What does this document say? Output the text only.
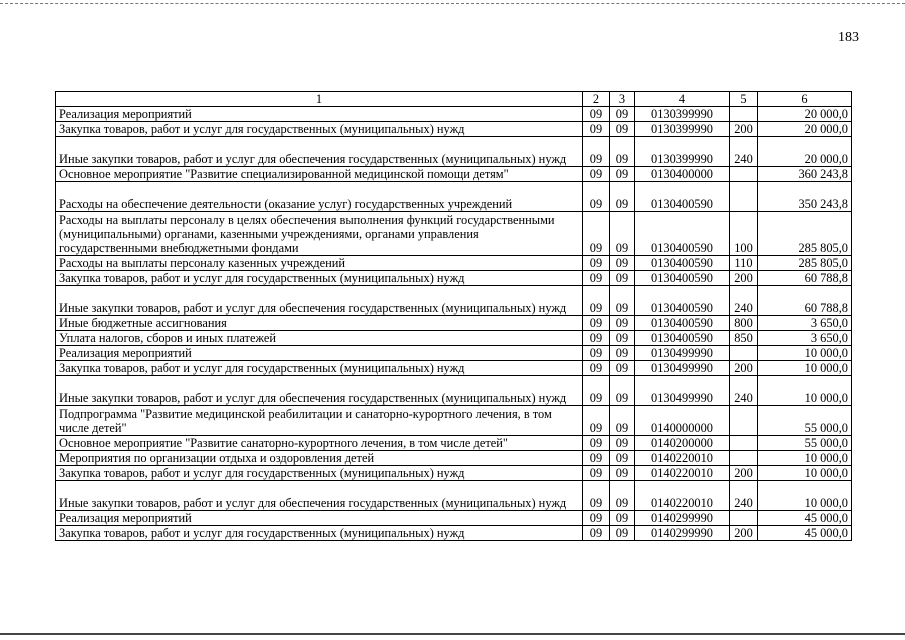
183
1	2	3	4	5	6
Реализация мероприятий	09	09	0130399990		20 000,0
Закупка товаров, работ и услуг для государственных (муниципальных) нужд	09	09	0130399990	200	20 000,0
Иные закупки товаров, работ и услуг для обеспечения государственных (муниципальных) нужд	09	09	0130399990	240	20 000,0
Основное мероприятие "Развитие специализированной медицинской помощи детям"	09	09	0130400000		360 243,8
Расходы на обеспечение деятельности (оказание услуг) государственных учреждений	09	09	0130400590		350 243,8
Расходы на выплаты персоналу в целях обеспечения выполнения функций государственными (муниципальными) органами, казенными учреждениями, органами управления государственными внебюджетными фондами	09	09	0130400590	100	285 805,0
Расходы на выплаты персоналу казенных учреждений	09	09	0130400590	110	285 805,0
Закупка товаров, работ и услуг для государственных (муниципальных) нужд	09	09	0130400590	200	60 788,8
Иные закупки товаров, работ и услуг для обеспечения государственных (муниципальных) нужд	09	09	0130400590	240	60 788,8
Иные бюджетные ассигнования	09	09	0130400590	800	3 650,0
Уплата налогов, сборов и иных платежей	09	09	0130400590	850	3 650,0
Реализация мероприятий	09	09	0130499990		10 000,0
Закупка товаров, работ и услуг для государственных (муниципальных) нужд	09	09	0130499990	200	10 000,0
Иные закупки товаров, работ и услуг для обеспечения государственных (муниципальных) нужд	09	09	0130499990	240	10 000,0
Подпрограмма "Развитие медицинской реабилитации и санаторно-курортного лечения, в том числе детей"	09	09	0140000000		55 000,0
Основное мероприятие "Развитие санаторно-курортного лечения, в том числе детей"	09	09	0140200000		55 000,0
Мероприятия по организации отдыха и оздоровления детей	09	09	0140220010		10 000,0
Закупка товаров, работ и услуг для государственных (муниципальных) нужд	09	09	0140220010	200	10 000,0
Иные закупки товаров, работ и услуг для обеспечения государственных (муниципальных) нужд	09	09	0140220010	240	10 000,0
Реализация мероприятий	09	09	0140299990		45 000,0
Закупка товаров, работ и услуг для государственных (муниципальных) нужд	09	09	0140299990	200	45 000,0
